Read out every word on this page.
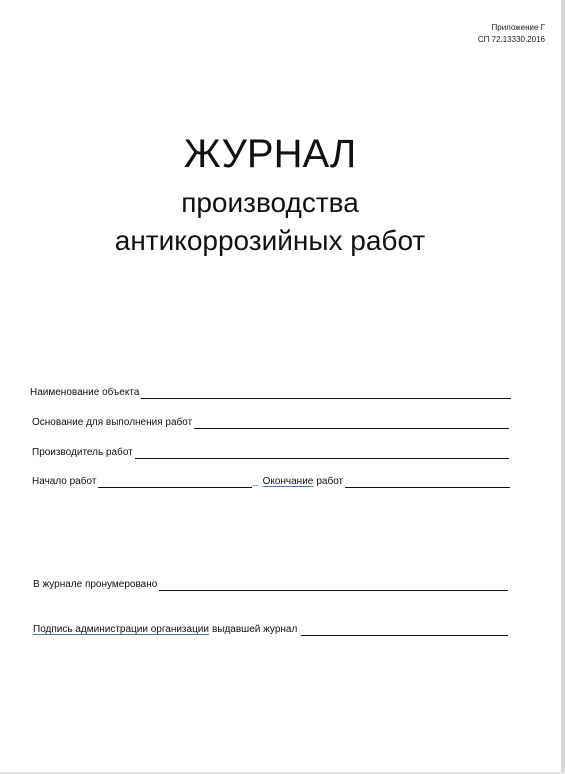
Приложение Г
СП 72.13330.2016
ЖУРНАЛ
производства
антикоррозийных работ
Наименование объекта
Основание для выполнения работ
Производитель работ
Начало работ	_ Окончание работ
В журнале пронумеровано
Подпись администрации организации выдавшей журнал
